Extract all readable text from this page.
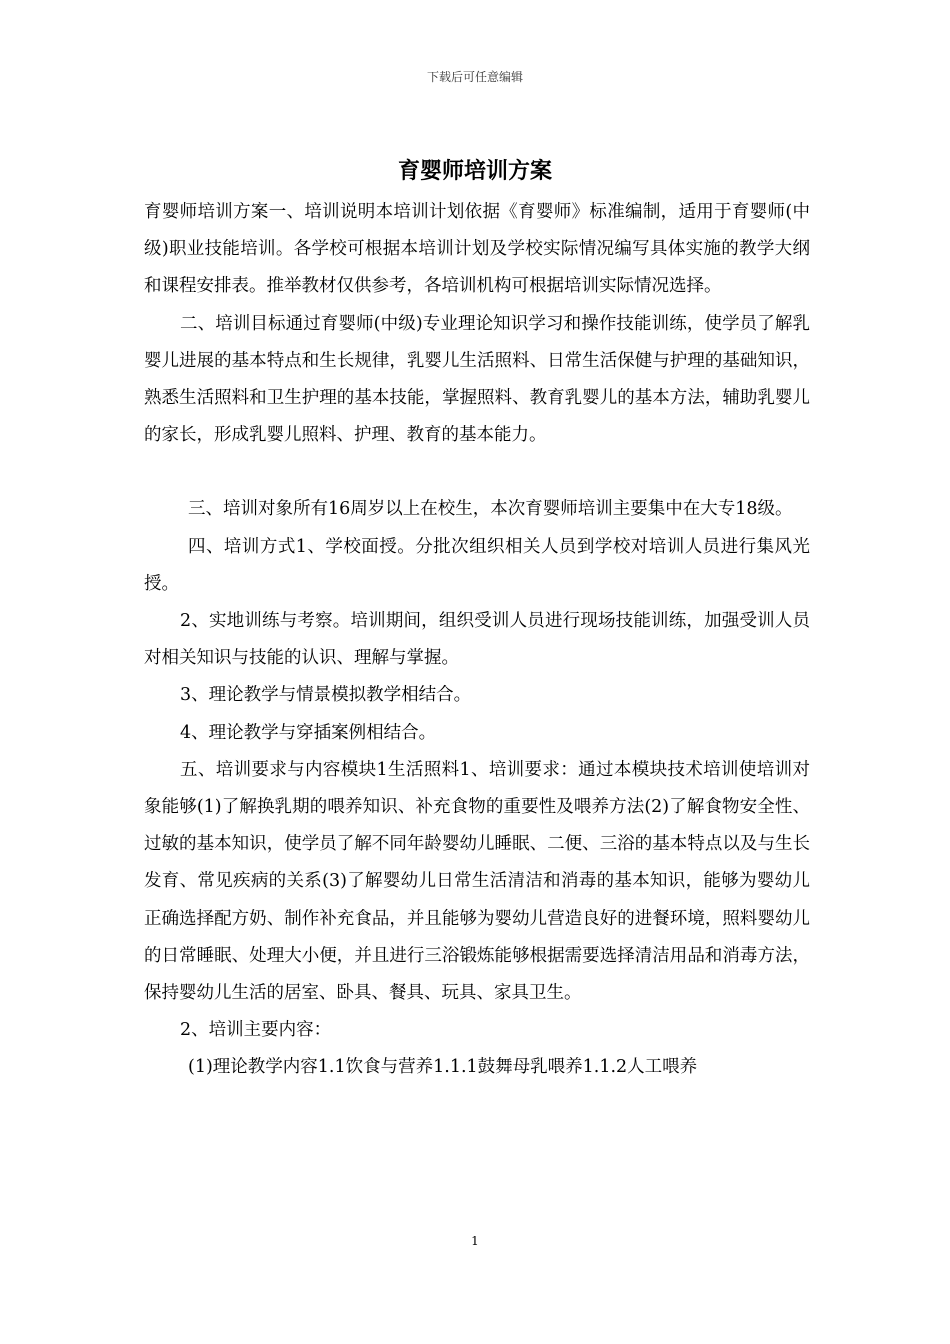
下载后可任意编辑
育婴师培训方案

育婴师培训方案一、培训说明本培训计划依据《育婴师》标准编制，适用于育婴师(中级)职业技能培训。各学校可根据本培训计划及学校实际情况编写具体实施的教学大纲和课程安排表。推举教材仅供参考，各培训机构可根据培训实际情况选择。

二、培训目标通过育婴师(中级)专业理论知识学习和操作技能训练，使学员了解乳婴儿进展的基本特点和生长规律，乳婴儿生活照料、日常生活保健与护理的基础知识，熟悉生活照料和卫生护理的基本技能，掌握照料、教育乳婴儿的基本方法，辅助乳婴儿的家长，形成乳婴儿照料、护理、教育的基本能力。

三、培训对象所有16周岁以上在校生，本次育婴师培训主要集中在大专18级。

四、培训方式1、学校面授。分批次组织相关人员到学校对培训人员进行集风光授。

2、实地训练与考察。培训期间，组织受训人员进行现场技能训练，加强受训人员对相关知识与技能的认识、理解与掌握。

3、理论教学与情景模拟教学相结合。

4、理论教学与穿插案例相结合。

五、培训要求与内容模块1生活照料1、培训要求：通过本模块技术培训使培训对象能够(1)了解换乳期的喂养知识、补充食物的重要性及喂养方法(2)了解食物安全性、过敏的基本知识，使学员了解不同年龄婴幼儿睡眠、二便、三浴的基本特点以及与生长发育、常见疾病的关系(3)了解婴幼儿日常生活清洁和消毒的基本知识，能够为婴幼儿正确选择配方奶、制作补充食品，并且能够为婴幼儿营造良好的进餐环境，照料婴幼儿的日常睡眠、处理大小便，并且进行三浴锻炼能够根据需要选择清洁用品和消毒方法，保持婴幼儿生活的居室、卧具、餐具、玩具、家具卫生。

2、培训主要内容：

(1)理论教学内容1.1饮食与营养1.1.1鼓舞母乳喂养1.1.2人工喂养

1
